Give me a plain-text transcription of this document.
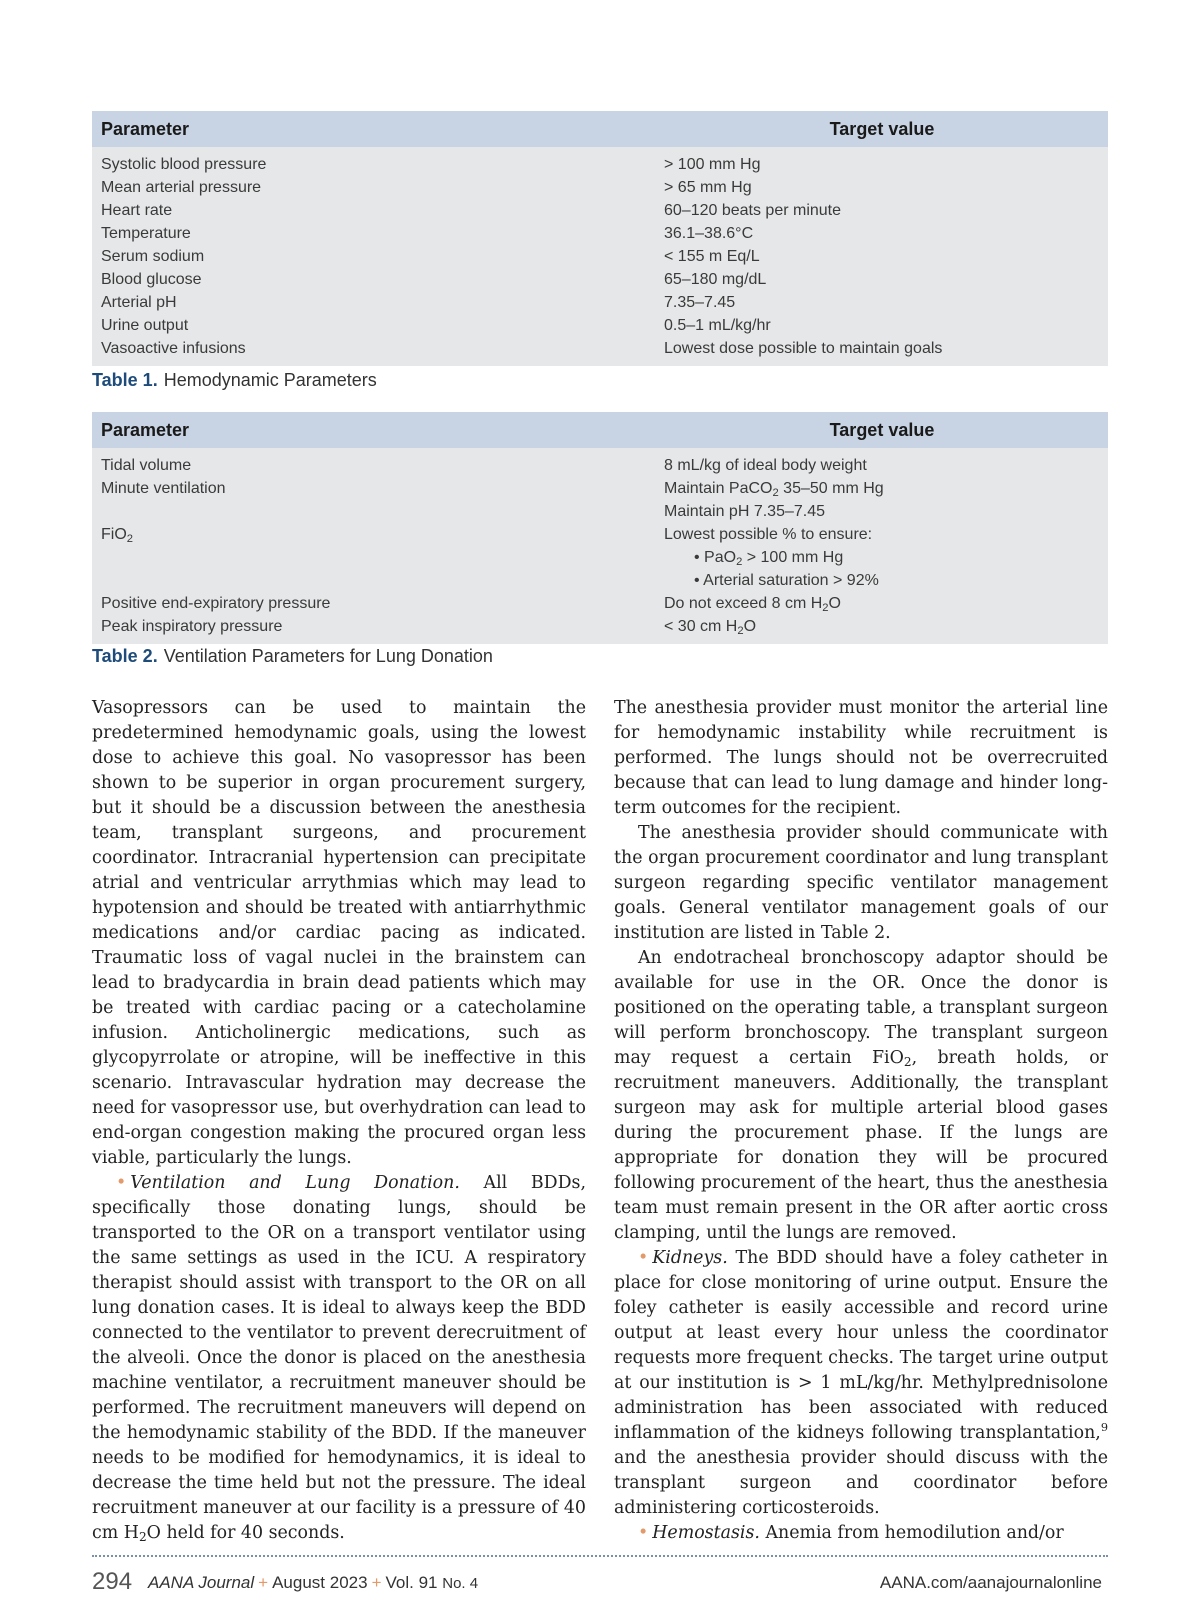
Parameter	Target value
Systolic blood pressure	> 100 mm Hg
Mean arterial pressure	> 65 mm Hg
Heart rate	60–120 beats per minute
Temperature	36.1–38.6°C
Serum sodium	< 155 m Eq/L
Blood glucose	65–180 mg/dL
Arterial pH	7.35–7.45
Urine output	0.5–1 mL/kg/hr
Vasoactive infusions	Lowest dose possible to maintain goals
Table 1. Hemodynamic Parameters
Parameter	Target value
Tidal volume	8 mL/kg of ideal body weight
Minute ventilation	Maintain PaCO$_2$ 35–50 mm Hg
Maintain pH 7.35–7.45
FiO$_2$	Lowest possible % to ensure:
• PaO$_2$ > 100 mm Hg
• Arterial saturation > 92%
Positive end-expiratory pressure	Do not exceed 8 cm $H_2O$
Peak inspiratory pressure	< 30 cm $H_2O$
Table 2. Ventilation Parameters for Lung Donation

Vasopressors can be used to maintain the predetermined hemodynamic goals, using the lowest dose to achieve this goal. No vasopressor has been shown to be superior in organ procurement surgery, but it should be a discussion between the anesthesia team, transplant surgeons, and procurement coordinator. Intracranial hypertension can precipitate atrial and ventricular arrythmias which may lead to hypotension and should be treated with antiarrhythmic medications and/or cardiac pacing as indicated. Traumatic loss of vagal nuclei in the brainstem can lead to bradycardia in brain dead patients which may be treated with cardiac pacing or a catecholamine infusion. Anticholinergic medications, such as glycopyrrolate or atropine, will be ineffective in this scenario. Intravascular hydration may decrease the need for vasopressor use, but overhydration can lead to end-organ congestion making the procured organ less viable, particularly the lungs.

• Ventilation and Lung Donation. All BDDs, specifically those donating lungs, should be transported to the OR on a transport ventilator using the same settings as used in the ICU. A respiratory therapist should assist with transport to the OR on all lung donation cases. It is ideal to always keep the BDD connected to the ventilator to prevent derecruitment of the alveoli. Once the donor is placed on the anesthesia machine ventilator, a recruitment maneuver should be performed. The recruitment maneuvers will depend on the hemodynamic stability of the BDD. If the maneuver needs to be modified for hemodynamics, it is ideal to decrease the time held but not the pressure. The ideal recruitment maneuver at our facility is a pressure of 40 cm $H_2O$ held for 40 seconds.

The anesthesia provider must monitor the arterial line for hemodynamic instability while recruitment is performed. The lungs should not be overrecruited because that can lead to lung damage and hinder long-term outcomes for the recipient.

The anesthesia provider should communicate with the organ procurement coordinator and lung transplant surgeon regarding specific ventilator management goals. General ventilator management goals of our institution are listed in Table 2.

An endotracheal bronchoscopy adaptor should be available for use in the OR. Once the donor is positioned on the operating table, a transplant surgeon will perform bronchoscopy. The transplant surgeon may request a certain FiO$_2$, breath holds, or recruitment maneuvers. Additionally, the transplant surgeon may ask for multiple arterial blood gases during the procurement phase. If the lungs are appropriate for donation they will be procured following procurement of the heart, thus the anesthesia team must remain present in the OR after aortic cross clamping, until the lungs are removed.

• Kidneys. The BDD should have a foley catheter in place for close monitoring of urine output. Ensure the foley catheter is easily accessible and record urine output at least every hour unless the coordinator requests more frequent checks. The target urine output at our institution is > 1 mL/kg/hr. Methylprednisolone administration has been associated with reduced inflammation of the kidneys following transplantation,$^9$ and the anesthesia provider should discuss with the transplant surgeon and coordinator before administering corticosteroids.

• Hemostasis. Anemia from hemodilution and/or

294 AANA Journal + August 2023 + Vol. 91 No. 4	AANA.com/aanajournalonline
